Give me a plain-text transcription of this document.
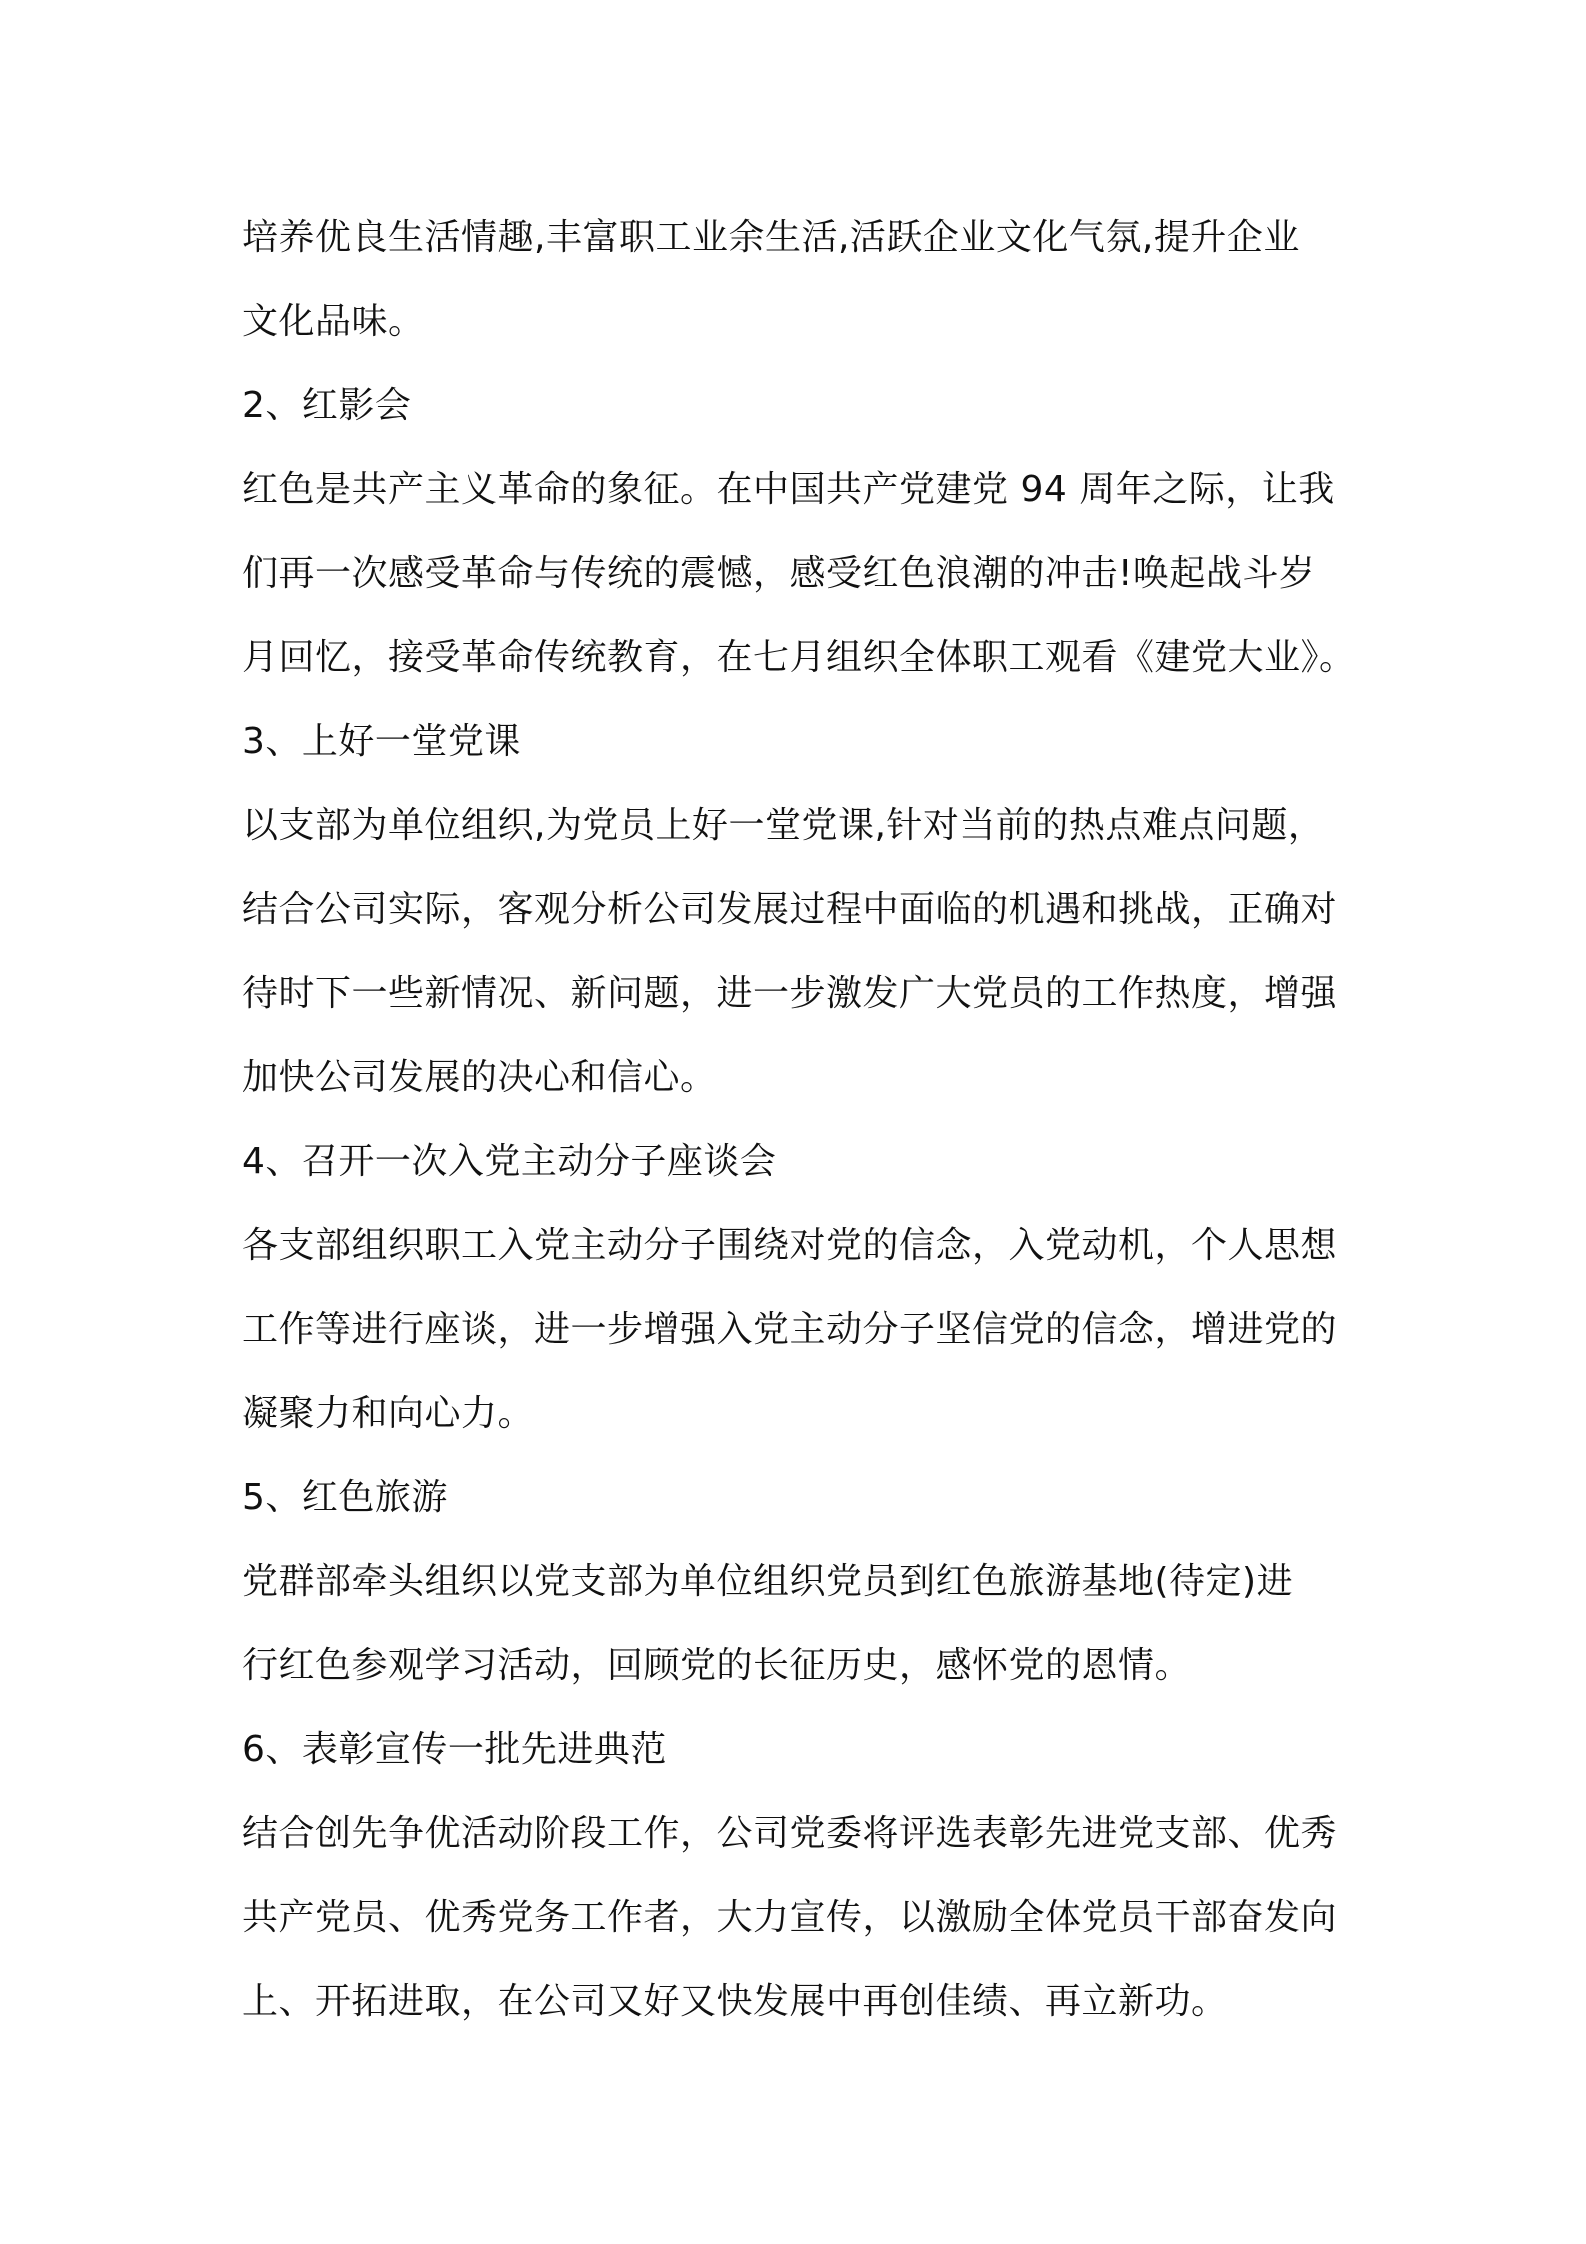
培养优良生活情趣,丰富职工业余生活,活跃企业文化气氛,提升企业
文化品味。
2、红影会
红色是共产主义革命的象征。在中国共产党建党 94 周年之际，让我
们再一次感受革命与传统的震憾，感受红色浪潮的冲击!唤起战斗岁
月回忆，接受革命传统教育，在七月组织全体职工观看《建党大业》。
3、上好一堂党课
以支部为单位组织,为党员上好一堂党课,针对当前的热点难点问题，
结合公司实际，客观分析公司发展过程中面临的机遇和挑战，正确对
待时下一些新情况、新问题，进一步激发广大党员的工作热度，增强
加快公司发展的决心和信心。
4、召开一次入党主动分子座谈会
各支部组织职工入党主动分子围绕对党的信念，入党动机，个人思想
工作等进行座谈，进一步增强入党主动分子坚信党的信念，增进党的
凝聚力和向心力。
5、红色旅游
党群部牵头组织以党支部为单位组织党员到红色旅游基地(待定)进
行红色参观学习活动，回顾党的长征历史，感怀党的恩情。
6、表彰宣传一批先进典范
结合创先争优活动阶段工作，公司党委将评选表彰先进党支部、优秀
共产党员、优秀党务工作者，大力宣传，以激励全体党员干部奋发向
上、开拓进取，在公司又好又快发展中再创佳绩、再立新功。
